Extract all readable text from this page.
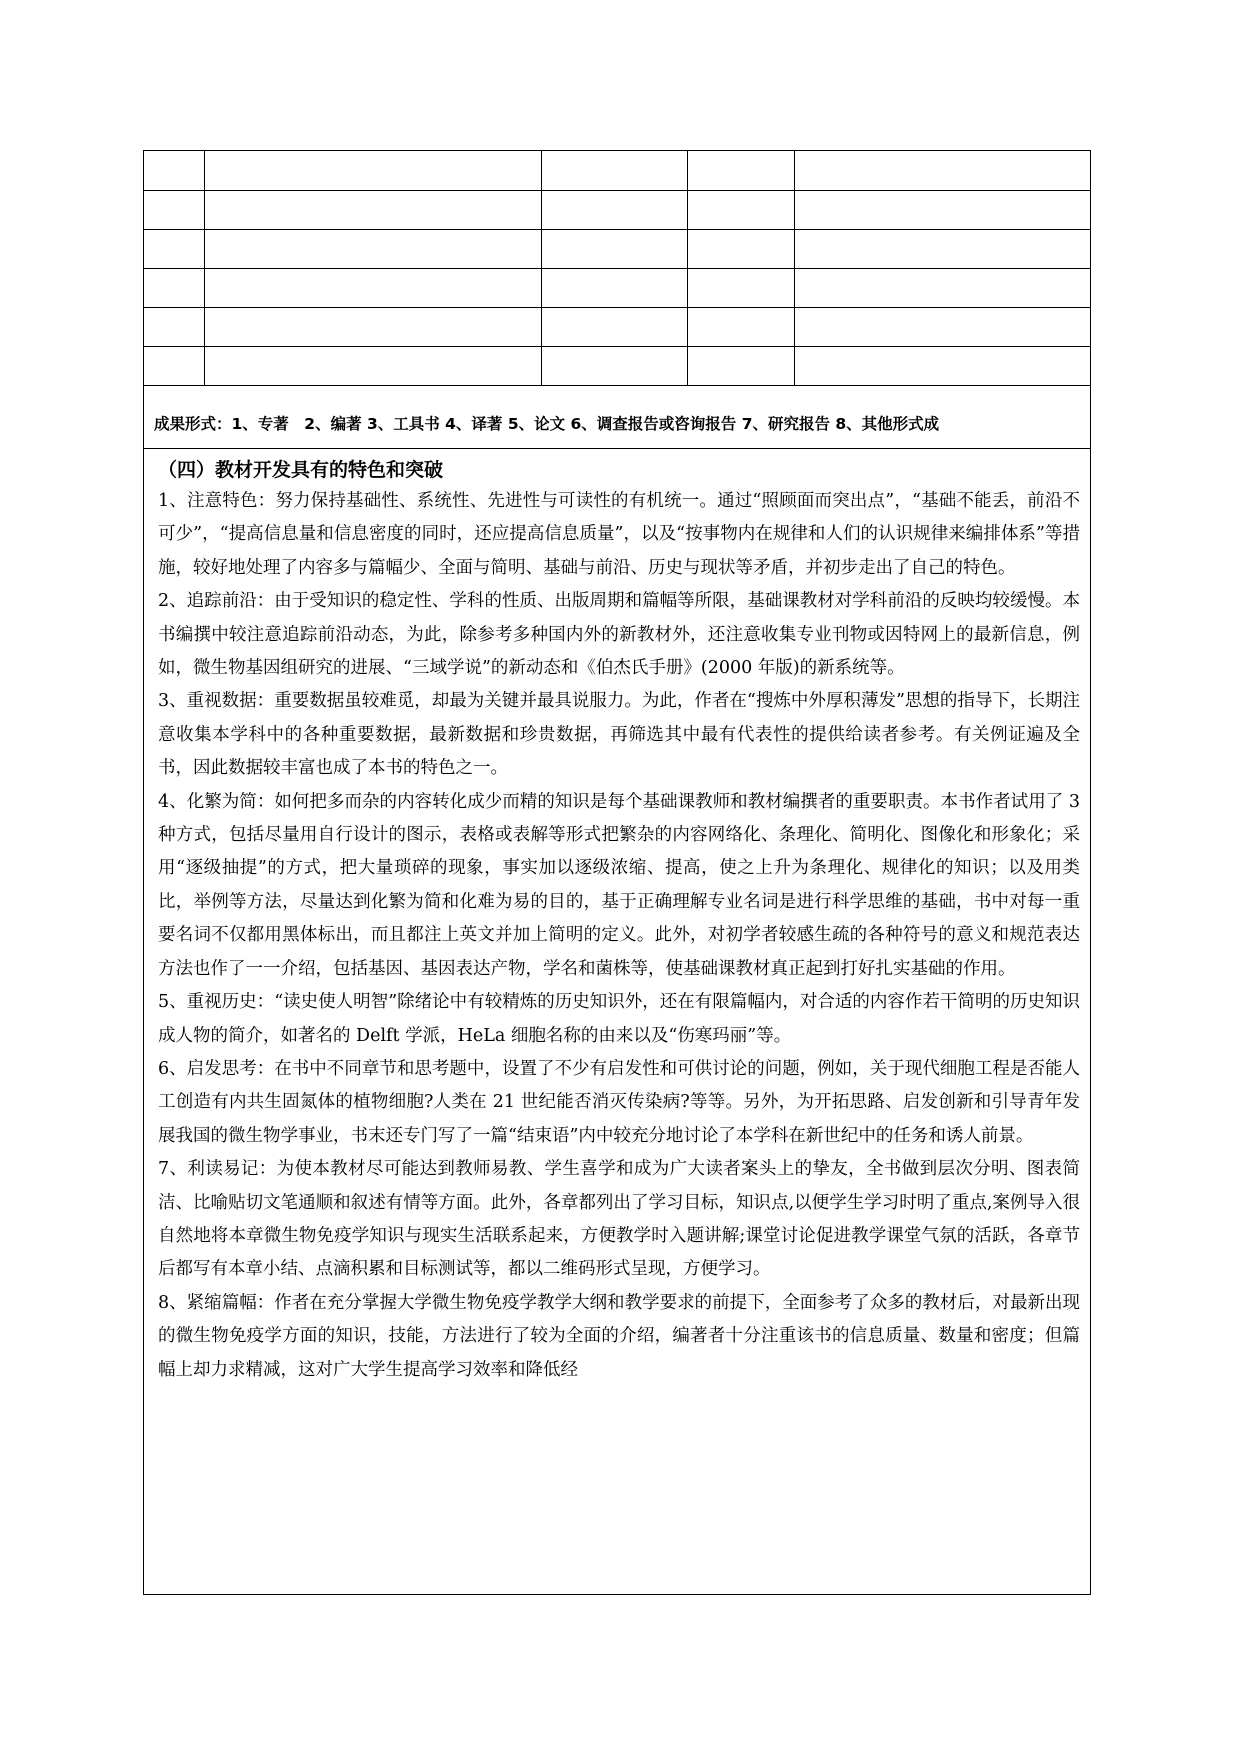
成果形式：1、专著　2、编著 3、工具书 4、译著 5、论文 6、调查报告或咨询报告 7、研究报告 8、其他形式成

（四）教材开发具有的特色和突破

1、注意特色：努力保持基础性、系统性、先进性与可读性的有机统一。通过“照顾面而突出点”，“基础不能丢，前沿不可少”，“提高信息量和信息密度的同时，还应提高信息质量”，以及“按事物内在规律和人们的认识规律来编排体系”等措施，较好地处理了内容多与篇幅少、全面与简明、基础与前沿、历史与现状等矛盾，并初步走出了自己的特色。

2、追踪前沿：由于受知识的稳定性、学科的性质、出版周期和篇幅等所限，基础课教材对学科前沿的反映均较缓慢。本书编撰中较注意追踪前沿动态，为此，除参考多种国内外的新教材外，还注意收集专业刊物或因特网上的最新信息，例如，微生物基因组研究的进展、“三域学说”的新动态和《伯杰氏手册》(2000 年版)的新系统等。

3、重视数据：重要数据虽较难觅，却最为关键并最具说服力。为此，作者在“搜炼中外厚积薄发”思想的指导下，长期注意收集本学科中的各种重要数据，最新数据和珍贵数据，再筛选其中最有代表性的提供给读者参考。有关例证遍及全书，因此数据较丰富也成了本书的特色之一。

4、化繁为简：如何把多而杂的内容转化成少而精的知识是每个基础课教师和教材编撰者的重要职责。本书作者试用了 3 种方式，包括尽量用自行设计的图示，表格或表解等形式把繁杂的内容网络化、条理化、简明化、图像化和形象化；采用“逐级抽提”的方式，把大量琐碎的现象，事实加以逐级浓缩、提高，使之上升为条理化、规律化的知识；以及用类比，举例等方法，尽量达到化繁为简和化难为易的目的，基于正确理解专业名词是进行科学思维的基础，书中对每一重要名词不仅都用黑体标出，而且都注上英文并加上简明的定义。此外，对初学者较感生疏的各种符号的意义和规范表达方法也作了一一介绍，包括基因、基因表达产物，学名和菌株等，使基础课教材真正起到打好扎实基础的作用。

5、重视历史：“读史使人明智”除绪论中有较精炼的历史知识外，还在有限篇幅内，对合适的内容作若干简明的历史知识成人物的简介，如著名的 Delft 学派，HeLa 细胞名称的由来以及“伤寒玛丽”等。

6、启发思考：在书中不同章节和思考题中，设置了不少有启发性和可供讨论的问题，例如，关于现代细胞工程是否能人工创造有内共生固氮体的植物细胞?人类在 21 世纪能否消灭传染病?等等。另外，为开拓思路、启发创新和引导青年发展我国的微生物学事业，书末还专门写了一篇“结束语”内中较充分地讨论了本学科在新世纪中的任务和诱人前景。

7、利读易记：为使本教材尽可能达到教师易教、学生喜学和成为广大读者案头上的挚友，全书做到层次分明、图表简洁、比喻贴切文笔通顺和叙述有情等方面。此外，各章都列出了学习目标，知识点,以便学生学习时明了重点,案例导入很自然地将本章微生物免疫学知识与现实生活联系起来，方便教学时入题讲解;课堂讨论促进教学课堂气氛的活跃，各章节后都写有本章小结、点滴积累和目标测试等，都以二维码形式呈现，方便学习。

8、紧缩篇幅：作者在充分掌握大学微生物免疫学教学大纲和教学要求的前提下，全面参考了众多的教材后，对最新出现的微生物免疫学方面的知识，技能，方法进行了较为全面的介绍，编著者十分注重该书的信息质量、数量和密度；但篇幅上却力求精减，这对广大学生提高学习效率和降低经
